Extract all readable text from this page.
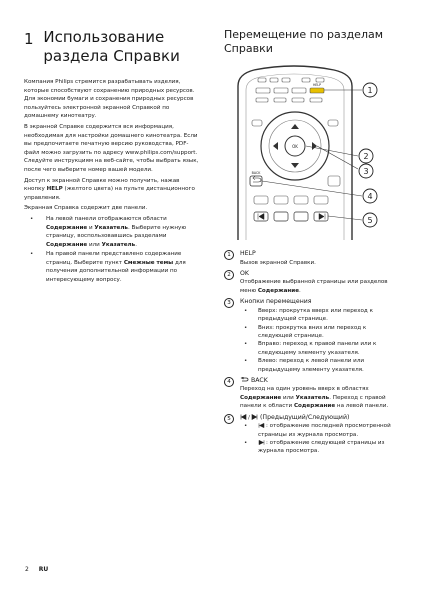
1 Использование раздела Справки

Компания Philips стремится разрабатывать изделия, которые способствуют сохранению природных ресурсов. Для экономии бумаги и сохранения природных ресурсов пользуйтесь электронной экранной Справкой по домашнему кинотеатру.

В экранной Справке содержится вся информация, необходимая для настройки домашнего кинотеатра. Если вы предпочитаете печатную версию руководства, PDF-файл можно загрузить по адресу www.philips.com/support. Следуйте инструкциям на веб-сайте, чтобы выбрать язык, после чего выберите номер вашей модели.

Доступ к экранной Справке можно получить, нажав кнопку HELP (желтого цвета) на пульте дистанционного управления.

Экранная Справка содержит две панели.

•	На левой панели отображаются области Содержание и Указатель. Выберите нужную страницу, воспользовавшись разделами Содержание или Указатель.
•	На правой панели представлено содержание страниц. Выберите пункт Смежные темы для получения дополнительной информации по интересующему вопросу.
Перемещение по разделам Справки
HELP
OK
BACK
1
2
3
4
5
1	HELP
Вызов экранной Справки.
2	OK
Отображение выбранной страницы или разделов меню Содержание.
3	Кнопки перемещения
•	Вверх: прокрутка вверх или переход к предыдущей странице.
•	Вниз: прокрутка вниз или переход к следующей странице.
•	Вправо: переход к правой панели или к следующему элементу указателя.
•	Влево: переход к левой панели или предыдущему элементу указателя.
4	BACK
Переход на один уровень вверх в областях Содержание или Указатель. Переход с правой панели к области Содержание на левой панели.
5	/ (Предыдущий/Следующий)
•	: отображение последней просмотренной страницы из журнала просмотра.
•	: отображение следующей страницы из журнала просмотра.
2 RU
